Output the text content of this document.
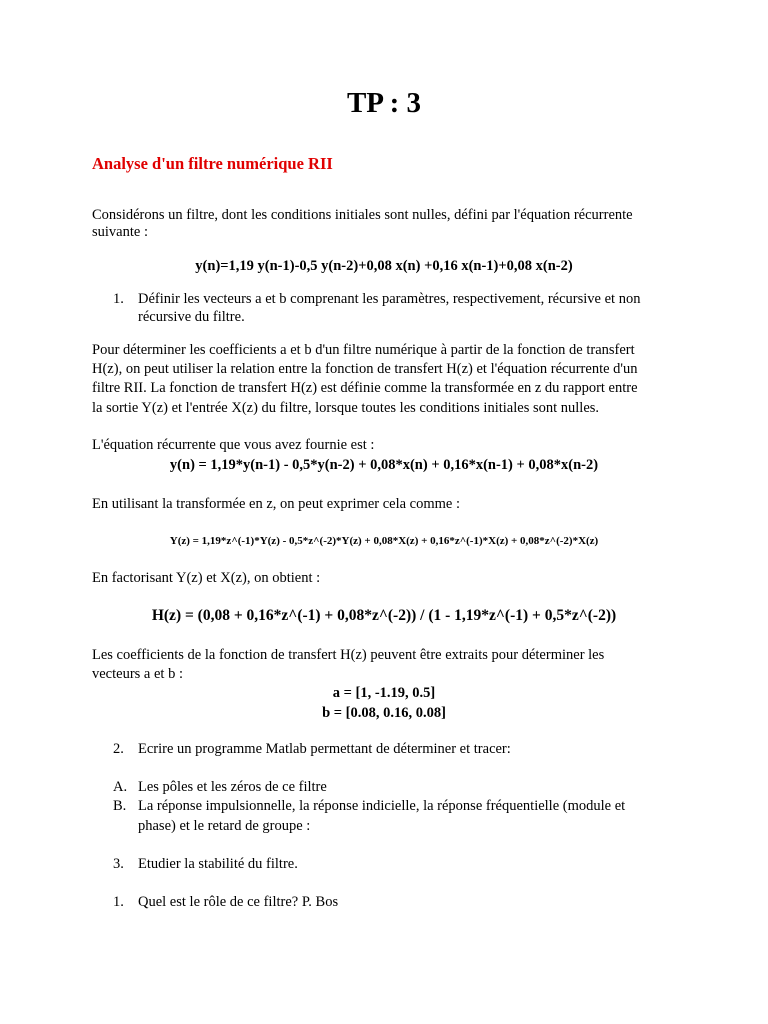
TP : 3
Analyse d'un filtre numérique RII
Considérons un filtre, dont les conditions initiales sont nulles, défini par l'équation récurrente
suivante :
y(n)=1,19 y(n-1)-0,5 y(n-2)+0,08 x(n) +0,16 x(n-1)+0,08 x(n-2)
1. Définir les vecteurs a et b comprenant les paramètres, respectivement, récursive et non
récursive du filtre.
Pour déterminer les coefficients a et b d'un filtre numérique à partir de la fonction de transfert
H(z), on peut utiliser la relation entre la fonction de transfert H(z) et l'équation récurrente d'un
filtre RII. La fonction de transfert H(z) est définie comme la transformée en z du rapport entre
la sortie Y(z) et l'entrée X(z) du filtre, lorsque toutes les conditions initiales sont nulles.
L'équation récurrente que vous avez fournie est :
y(n) = 1,19*y(n-1) - 0,5*y(n-2) + 0,08*x(n) + 0,16*x(n-1) + 0,08*x(n-2)
En utilisant la transformée en z, on peut exprimer cela comme :
Y(z) = 1,19*z^(-1)*Y(z) - 0,5*z^(-2)*Y(z) + 0,08*X(z) + 0,16*z^(-1)*X(z) + 0,08*z^(-2)*X(z)
En factorisant Y(z) et X(z), on obtient :
H(z) = (0,08 + 0,16*z^(-1) + 0,08*z^(-2)) / (1 - 1,19*z^(-1) + 0,5*z^(-2))
Les coefficients de la fonction de transfert H(z) peuvent être extraits pour déterminer les
vecteurs a et b :
a = [1, -1.19, 0.5]
b = [0.08, 0.16, 0.08]
2. Ecrire un programme Matlab permettant de déterminer et tracer:
A. Les pôles et les zéros de ce filtre
B. La réponse impulsionnelle, la réponse indicielle, la réponse fréquentielle (module et
phase) et le retard de groupe :
3. Etudier la stabilité du filtre.
1. Quel est le rôle de ce filtre? P. Bos
